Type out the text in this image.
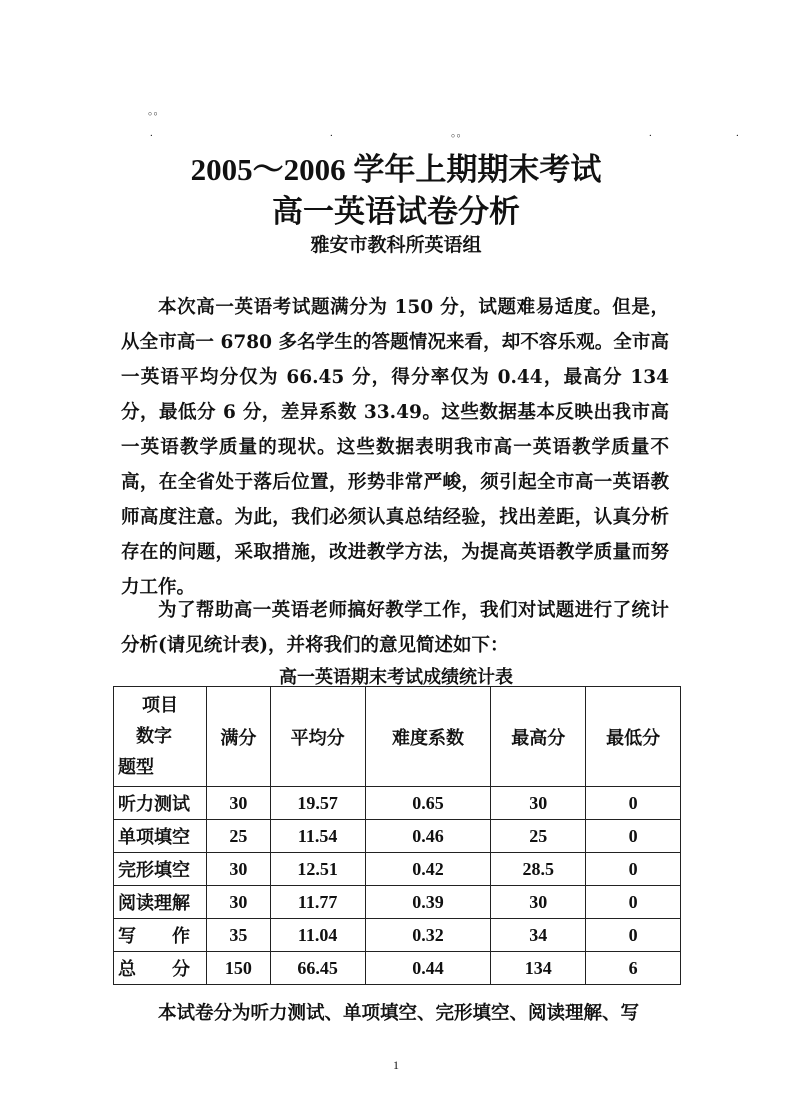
。。
.	.	。。	.	.
2005～2006 学年上期期末考试
高一英语试卷分析
雅安市教科所英语组

本次高一英语考试题满分为 150 分，试题难易适度。但是，从全市高一 6780 多名学生的答题情况来看，却不容乐观。全市高一英语平均分仅为 66.45 分，得分率仅为 0.44，最高分 134 分，最低分 6 分，差异系数 33.49。这些数据基本反映出我市高一英语教学质量的现状。这些数据表明我市高一英语教学质量不高，在全省处于落后位置，形势非常严峻，须引起全市高一英语教师高度注意。为此，我们必须认真总结经验，找出差距，认真分析存在的问题，采取措施，改进教学方法，为提高英语教学质量而努力工作。

为了帮助高一英语老师搞好教学工作，我们对试题进行了统计分析(请见统计表)，并将我们的意见简述如下：

高一英语期末考试成绩统计表
项目
数字
题型	满分	平均分	难度系数	最高分	最低分
听力测试	30	19.57	0.65	30	0
单项填空	25	11.54	0.46	25	0
完形填空	30	12.51	0.42	28.5	0
阅读理解	30	11.77	0.39	30	0
写　　作	35	11.04	0.32	34	0
总　　分	150	66.45	0.44	134	6

本试卷分为听力测试、单项填空、完形填空、阅读理解、写

1
